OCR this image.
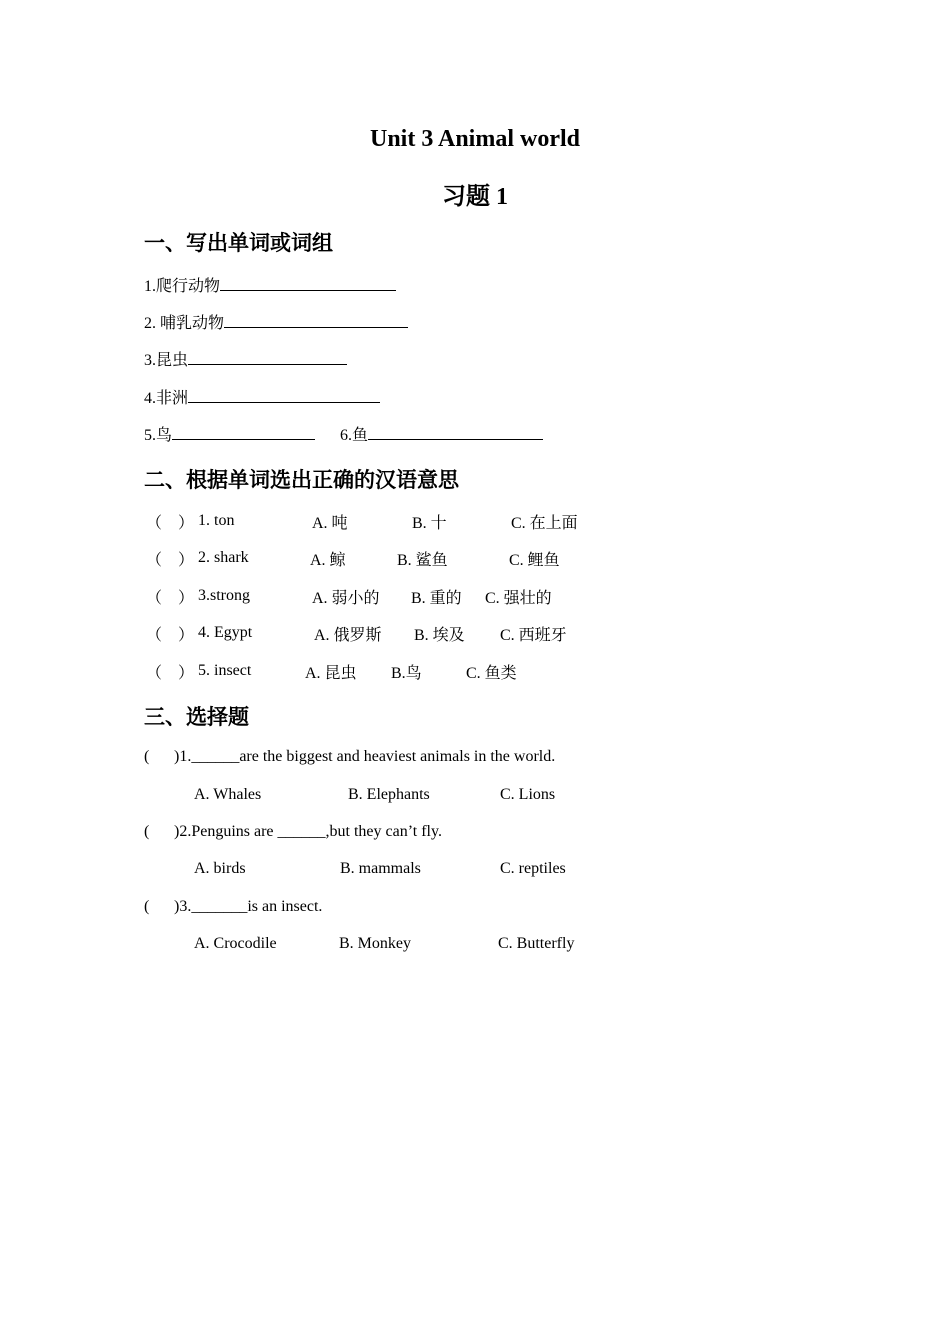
Unit 3 Animal world
习题 1
一、写出单词或词组
1.爬行动物
2. 哺乳动物
3.昆虫
4.非洲
5.鸟	6.鱼
二、根据单词选出正确的汉语意思
（ ） 1. ton	A. 吨	B. 十	C. 在上面
（ ） 2. shark	A. 鲸	B. 鲨鱼	C. 鲤鱼
（ ） 3.strong	A. 弱小的 B. 重的 C. 强壮的
（ ） 4. Egypt	A. 俄罗斯 B. 埃及 C. 西班牙
（ ） 5. insect	A. 昆虫 B.鸟	C. 鱼类
三、选择题
( )1.______are the biggest and heaviest animals in the world.
A. Whales	B. Elephants	C. Lions
( )2.Penguins are ______,but they can’t fly.
A. birds	B. mammals	C. reptiles
( )3._______is an insect.
A. Crocodile	B. Monkey	C. Butterfly
